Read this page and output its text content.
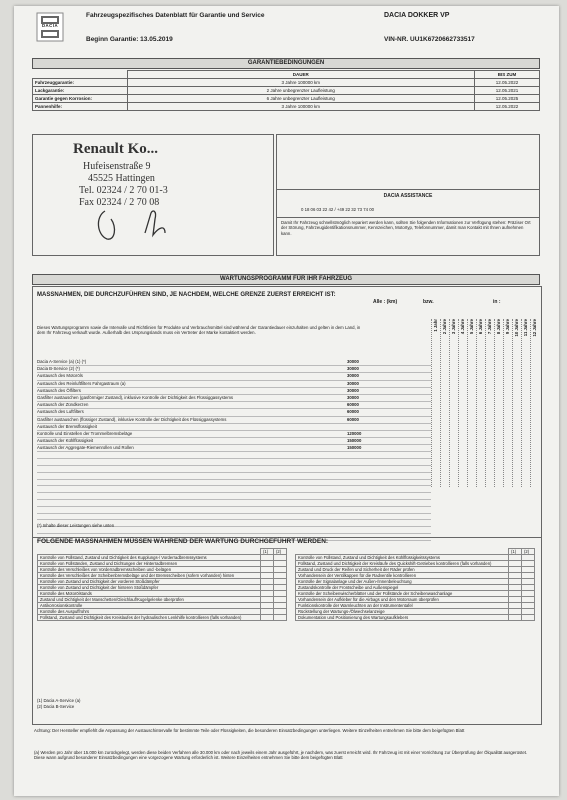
DACIA
Fahrzeugspezifisches Datenblatt für Garantie und Service
Beginn Garantie: 13.05.2019
DACIA DOKKER VP
VIN-NR. UU1K6720662733517
GARANTIEBEDINGUNGEN
	DAUER	BIS ZUM
Fahrzeuggarantie:	3 Jahre 100000 km	12.05.2022
Lackgarantie:	2 Jahre unbegrenzter Laufleistung	12.05.2021
Garantie gegen Korrosion:	6 Jahre unbegrenzter Laufleistung	12.05.2025
Pannenhilfe:	3 Jahre 100000 km	12.05.2022
Renault Ko...
Hufeisenstraße 9
45525 Hattingen
Tel. 02324 / 2 70 01-3
Fax 02324 / 2 70 08
DACIA ASSISTANCE
0 18 06 03 22 42 / +49 22 32 73 74 00
Damit Ihr Fahrzeug schnellstmöglich repariert werden kann, sollten Sie folgenden Informationen zur Verfügung stehen: Präziser Ort der Störung, Fahrzeugidentifikationsnummer, Kennzeichen, Motortyp, Telefonnummer, damit man Kontakt mit Ihnen aufnehmen kann.
WARTUNGSPROGRAMM FÜR IHR FAHRZEUG
MASSNAHMEN, DIE DURCHZUFÜHREN SIND, JE NACHDEM, WELCHE GRENZE ZUERST ERREICHT IST:
Alle : (km)	bzw.	in :
Dieses Wartungsprogramm sowie die Intervalle und Richtlinien für Produkte und Verbrauchsmittel sind während der Garantiedauer einzuhalten und gelten in dem Land, in dem Ihr Fahrzeug verkauft wurde. Außerhalb des Ursprungslands muss ein Vertreter der Marke kontaktiert werden.
1 Jahr 2 Jahre 3 Jahre 4 Jahre 5 Jahre 6 Jahre 7 Jahre 8 Jahre 9 Jahre 10 Jahre 11 Jahre 12 Jahre
Dacia A-Service (a) (1) (*)	30000
Dacia B-Service (2) (*)	30000
Austausch des Motoröls	30000
Austausch des Reinluftfilters Fahrgastraum (a)	30000
Austausch des Ölfilters	30000
Gasfilter austauschen (gasförmiger Zustand), inklusive Kontrolle der Dichtigkeit des Flüssiggassystems	30000
Austausch der Zündkerzen	60000
Austausch des Luftfilters	60000
Gasfilter austauschen (flüssiger Zustand), inklusive Kontrolle der Dichtigkeit des Flüssiggassystems	60000
Austausch der Bremsflüssigkeit
Kontrolle und Einstellen der Trommelbremsbeläge	120000
Austausch der Kühlflüssigkeit	150000
Austausch der Aggregate-Riemenrollen und Rollen	150000
(*) Inhalte dieser Leistungen siehe unten
FOLGENDE MASSNAHMEN MÜSSEN WÄHREND DER WARTUNG DURCHGEFÜHRT WERDEN:
	(1)	(2)
Kontrolle von Füllstand, Zustand und Dichtigkeit des Kupplungs-/ Vorderradbremssystems		
Kontrolle von Füllständen, Zustand und Dichtungen der Hinterradbremsen		
Kontrolle des Verschleißes von Vorderradbremsscheiben und -belägen		
Kontrolle des Verschleißes der Scheibenbremsbeläge und der Bremsscheiben (sofern vorhanden) hinten		
Kontrolle von Zustand und Dichtigkeit der vorderen Stoßdämpfer		
Kontrolle von Zustand und Dichtigkeit der hinteren Stoßdämpfer		
Kontrolle des Motorölstands		
Zustand und Dichtigkeit der Manschetten/Gleichlauf/Kugelgelenke überprüfen		
Antikorrosionskontrolle		
Kontrolle des Auspuffrohrs		
Füllstand, Zustand und Dichtigkeit des Kreislaufes der hydraulischen Lenkhilfe kontrollieren (falls vorhanden)		
	(1)	(2)
Kontrolle von Füllstand, Zustand und Dichtigkeit des Kühlflüssigkeitssystems		
Füllstand, Zustand und Dichtigkeit der Kreisläufe des Quickshift-Getriebes kontrollieren (falls vorhanden)		
Zustand und Druck der Reifen und Sicherheit der Räder prüfen		
Vorhandensein der Ventilkappen für die Radventile kontrollieren		
Kontrolle der Signalanlage und der Außen-/Innenbeleuchtung		
Zustandskontrolle der Frontscheibe und Außenspiegel		
Kontrolle der Scheibenwischerblätter und der Füllstände der Scheibenwaschanlage		
Vorhandensein der Aufkleber für die Airbags und den Motorraum überprüfen		
Funktionskontrolle der Warnleuchten an der Instrumententafel		
Rückstellung der Wartungs-/Ölwechselanzeige		
Dokumentation und Positionierung des Wartungsaufklebers		
(1) Dacia A-Service (a)
(2) Dacia B-Service
Achtung: Der Hersteller empfiehlt die Anpassung der Austauschintervalle für bestimmte Teile oder Flüssigkeiten, die besonderen Einsatzbedingungen unterliegen. Weitere Einzelheiten entnehmen Sie bitte dem beigefügten Blatt
(a) Werden pro Jahr über 15.000 km zurückgelegt, werden diese beiden Verfahren alle 30.000 km oder nach jeweils einem Jahr ausgeführt, je nachdem, was zuerst erreicht wird. Ihr Fahrzeug ist mit einer Vorrichtung zur Überprüfung der Ölqualität ausgerüstet. Diese wann aufgrund besonderer Einsatzbedingungen eine vorgezogene Wartung erforderlich ist. Weitere Einzelheiten entnehmen Sie bitte dem beigefügten Blatt
